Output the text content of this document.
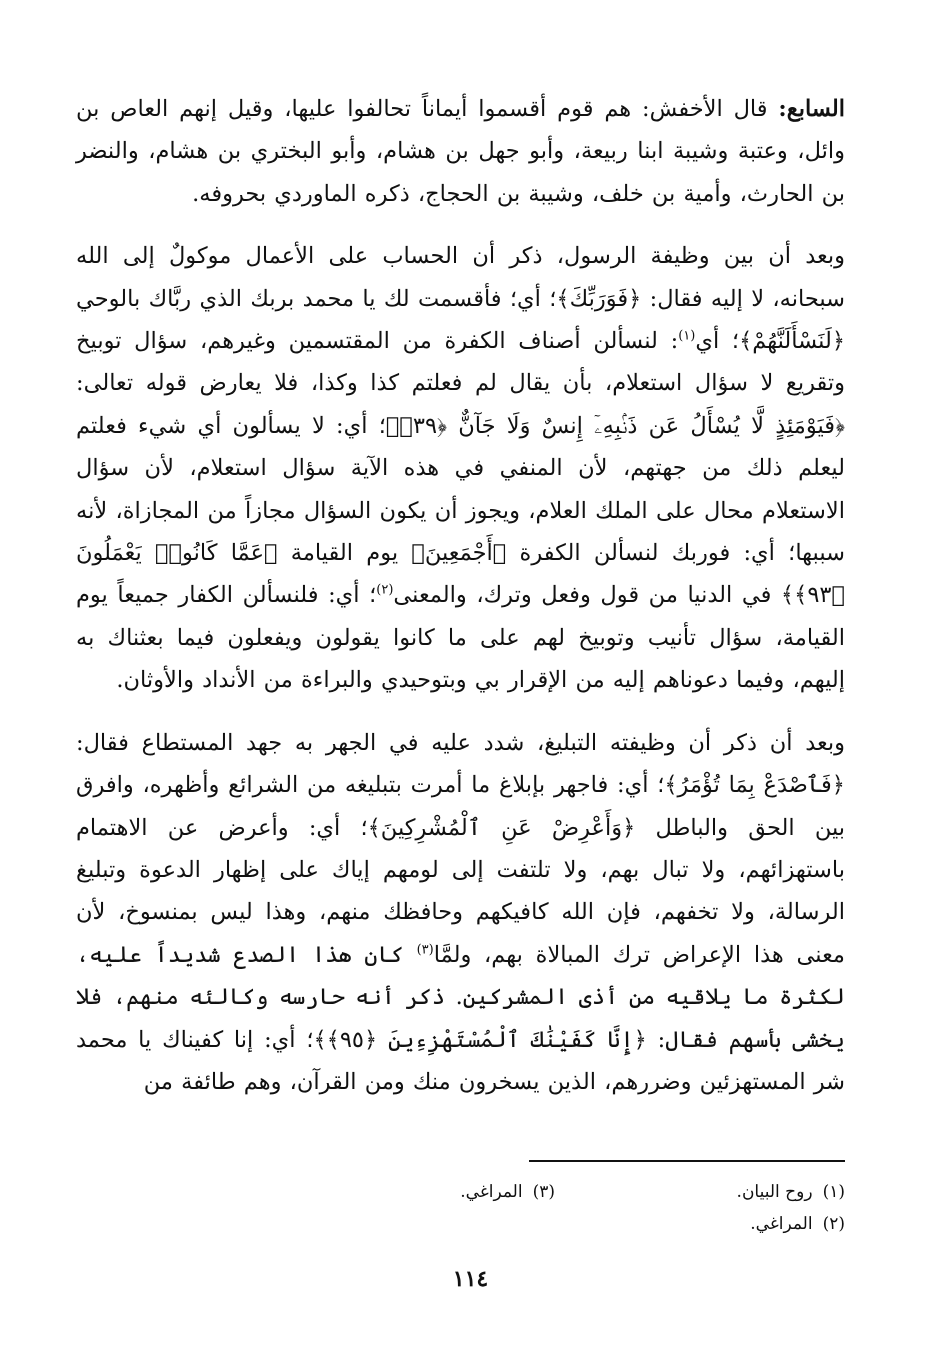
السابع: قال الأخفش: هم قوم أقسموا أيماناً تحالفوا عليها، وقيل إنهم العاص بن وائل، وعتبة وشيبة ابنا ربيعة، وأبو جهل بن هشام، وأبو البختري بن هشام، والنضر بن الحارث، وأمية بن خلف، وشيبة بن الحجاج، ذكره الماوردي بحروفه.

وبعد أن بين وظيفة الرسول، ذكر أن الحساب على الأعمال موكولٌ إلى الله سبحانه، لا إليه فقال: ﴿فَوَرَبِّكَ﴾؛ أي؛ فأقسمت لك يا محمد بربك الذي ربَّاك بالوحي ﴿لَنَسْأَلَنَّهُمْ﴾؛ أي$^{(١)}$: لنسألن أصناف الكفرة من المقتسمين وغيرهم، سؤال توبيخ وتقريع لا سؤال استعلام، بأن يقال لم فعلتم كذا وكذا، فلا يعارض قوله تعالى: ﴿فَيَوْمَئِذٍ لَّا يُسْأَلُ عَن ذَنۢبِهِۦٓ إِنسٌ وَلَا جَآنٌّ ﴿٣٩﴾﴾؛ أي: لا يسألون أي شيء فعلتم ليعلم ذلك من جهتهم، لأن المنفي في هذه الآية سؤال استعلام، لأن سؤال الاستعلام محال على الملك العلام، ويجوز أن يكون السؤال مجازاً من المجازاة، لأنه سببها؛ أي: فوربك لنسألن الكفرة ﴿أَجْمَعِينَ﴾ يوم القيامة ﴿عَمَّا كَانُوا۟ يَعْمَلُونَ ﴿٩٣﴾﴾ في الدنيا من قول وفعل وترك، والمعنى$^{(٢)}$؛ أي: فلنسألن الكفار جميعاً يوم القيامة، سؤال تأنيب وتوبيخ لهم على ما كانوا يقولون ويفعلون فيما بعثناك به إليهم، وفيما دعوناهم إليه من الإقرار بي وبتوحيدي والبراءة من الأنداد والأوثان.

وبعد أن ذكر أن وظيفته التبليغ، شدد عليه في الجهر به جهد المستطاع فقال: ﴿فَٱصْدَعْ بِمَا تُؤْمَرُ﴾؛ أي: فاجهر بإبلاغ ما أمرت بتبليغه من الشرائع وأظهره، وافرق بين الحق والباطل ﴿وَأَعْرِضْ عَنِ ٱلْمُشْرِكِينَ﴾؛ أي: وأعرض عن الاهتمام باستهزائهم، ولا تبال بهم، ولا تلتفت إلى لومهم إياك على إظهار الدعوة وتبليغ الرسالة، ولا تخفهم، فإن الله كافيكهم وحافظك منهم، وهذا ليس بمنسوخ، لأن معنى هذا الإعراض ترك المبالاة بهم، ولمَّا$^{(٣)}$ كان هذا الصدع شديداً عليه، لكثرة ما يلاقيه من أذى المشركين. ذكر أنه حارسه وكالئه منهم، فلا يخشى بأسهم فقال: ﴿إِنَّا كَفَيْنَٰكَ ٱلْمُسْتَهْزِءِينَ ﴿٩٥﴾﴾؛ أي: إنا كفيناك يا محمد شر المستهزئين وضررهم، الذين يسخرون منك ومن القرآن، وهم طائفة من

(١)روح البيان.
(٣)المراغي.
(٢)المراغي.
١١٤
